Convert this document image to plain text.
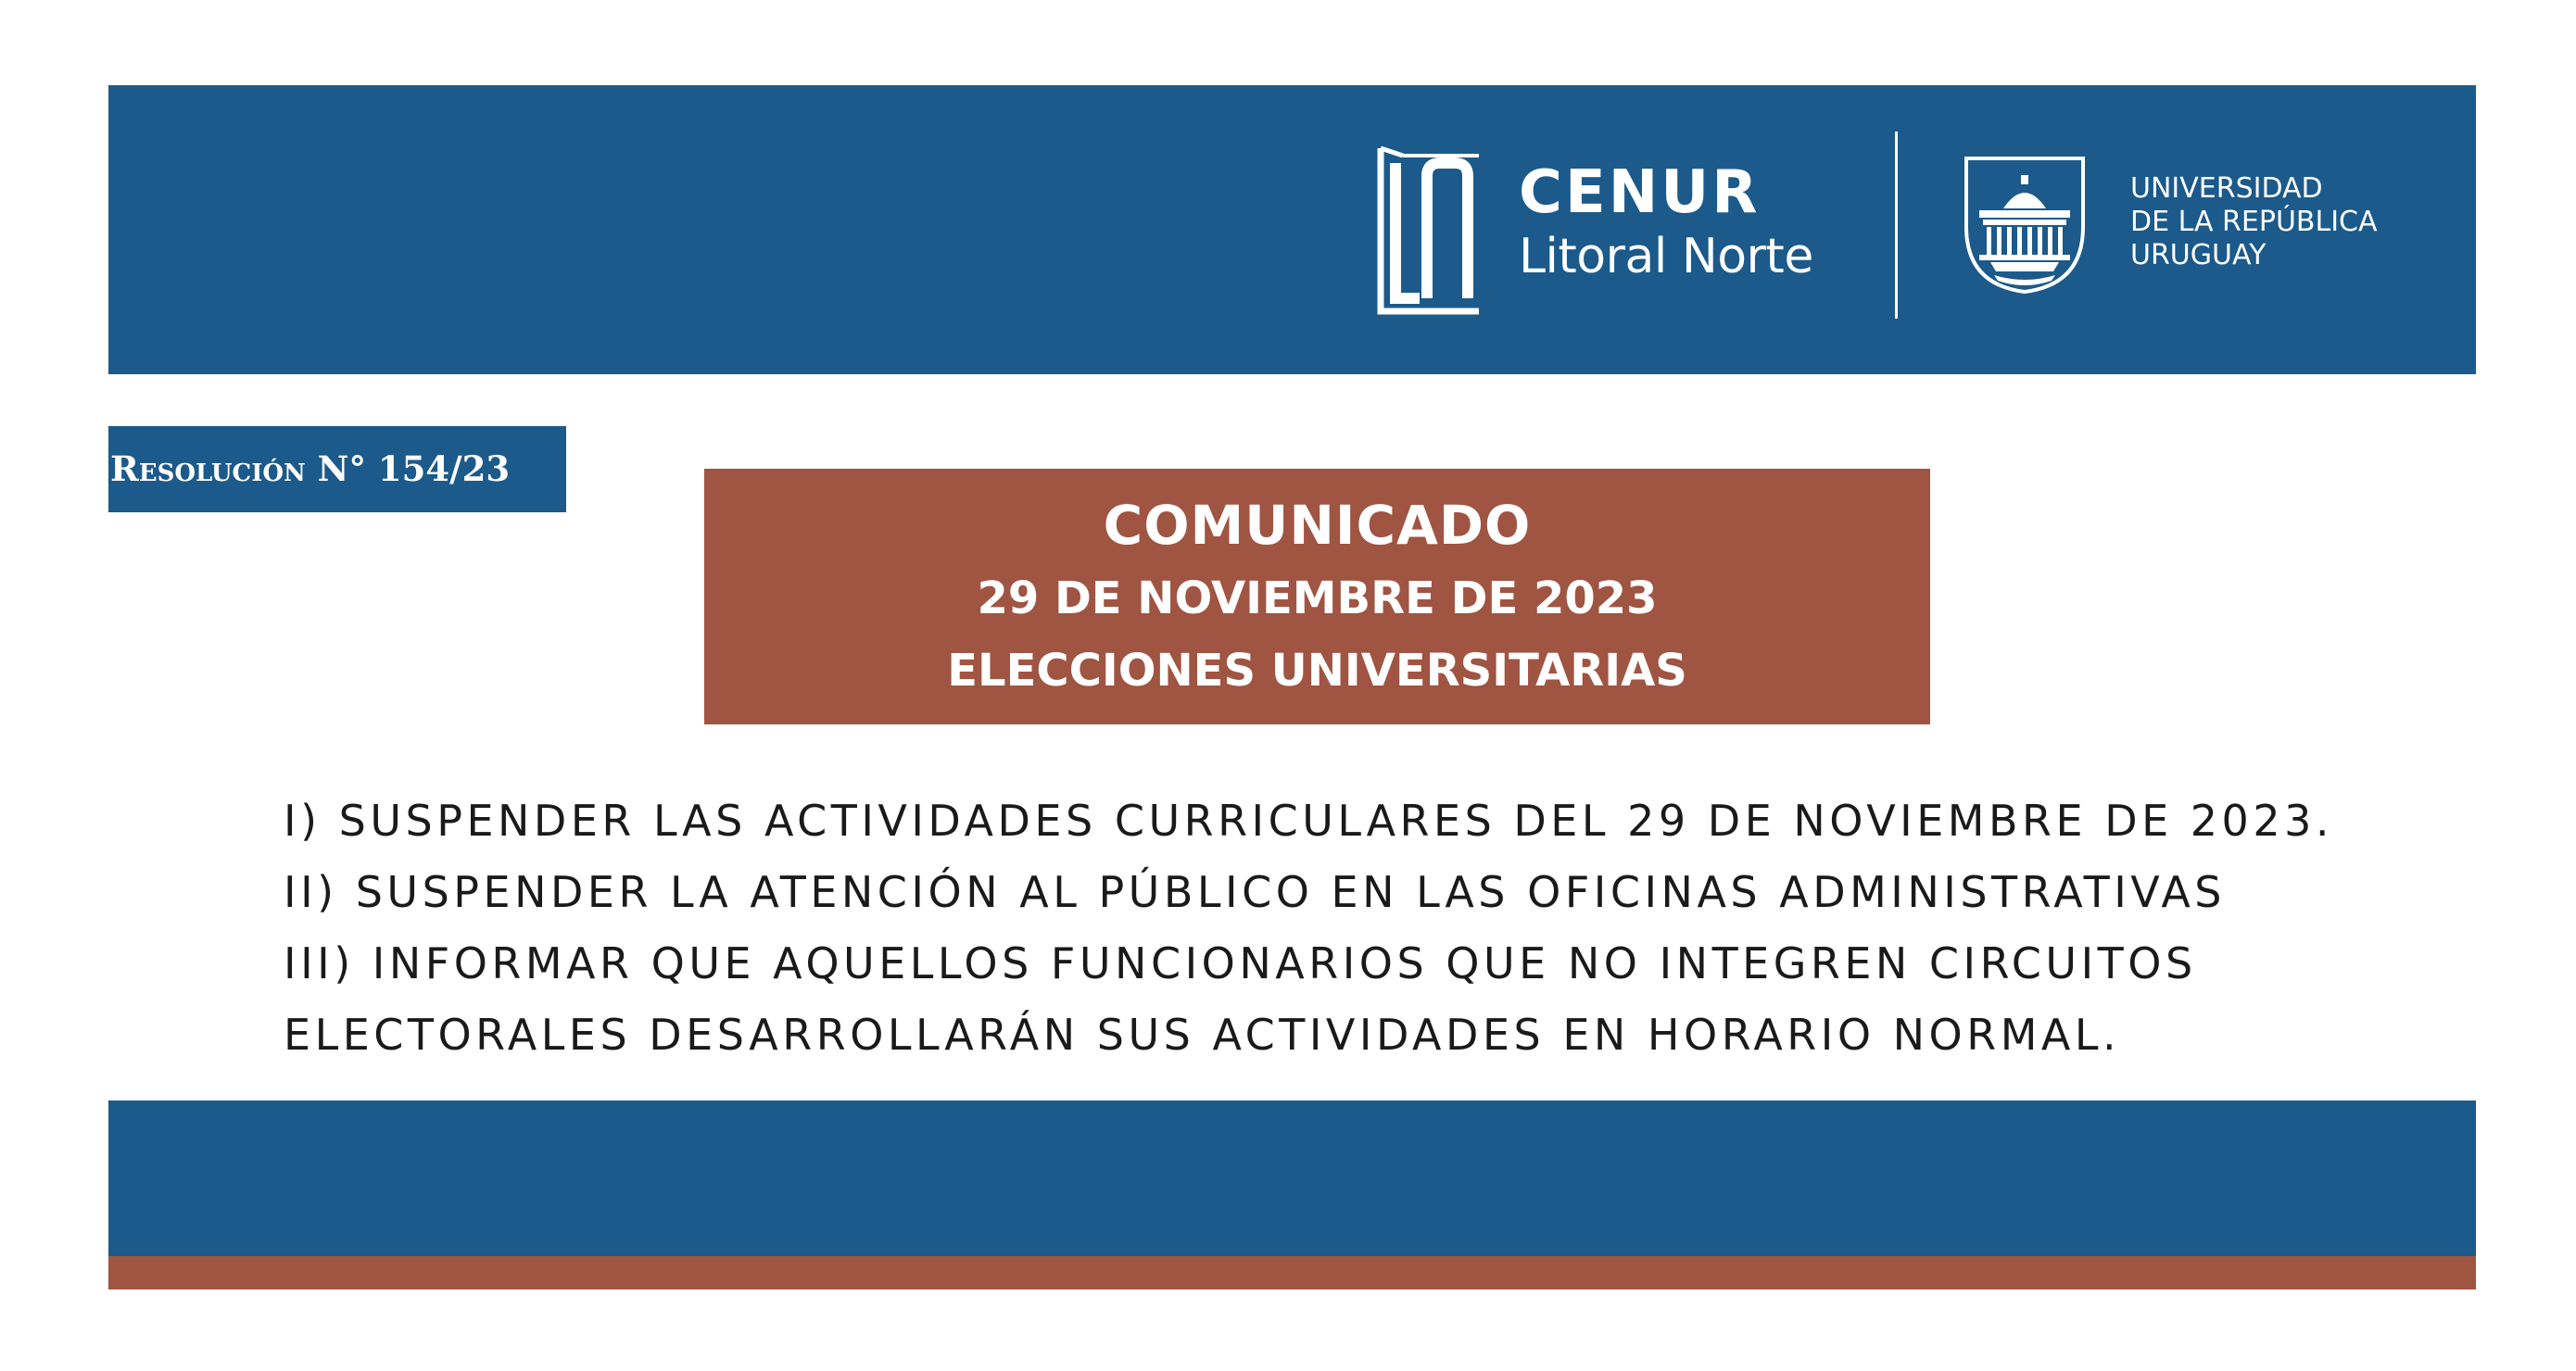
CENUR
Litoral Norte
UNIVERSIDAD
DE LA REPÚBLICA
URUGUAY
Resolución N° 154/23
COMUNICADO
29 DE NOVIEMBRE DE 2023
ELECCIONES UNIVERSITARIAS
I) SUSPENDER LAS ACTIVIDADES CURRICULARES DEL 29 DE NOVIEMBRE DE 2023.
II) SUSPENDER LA ATENCIÓN AL PÚBLICO EN LAS OFICINAS ADMINISTRATIVAS
III) INFORMAR QUE AQUELLOS FUNCIONARIOS QUE NO INTEGREN CIRCUITOS
ELECTORALES DESARROLLARÁN SUS ACTIVIDADES EN HORARIO NORMAL.
